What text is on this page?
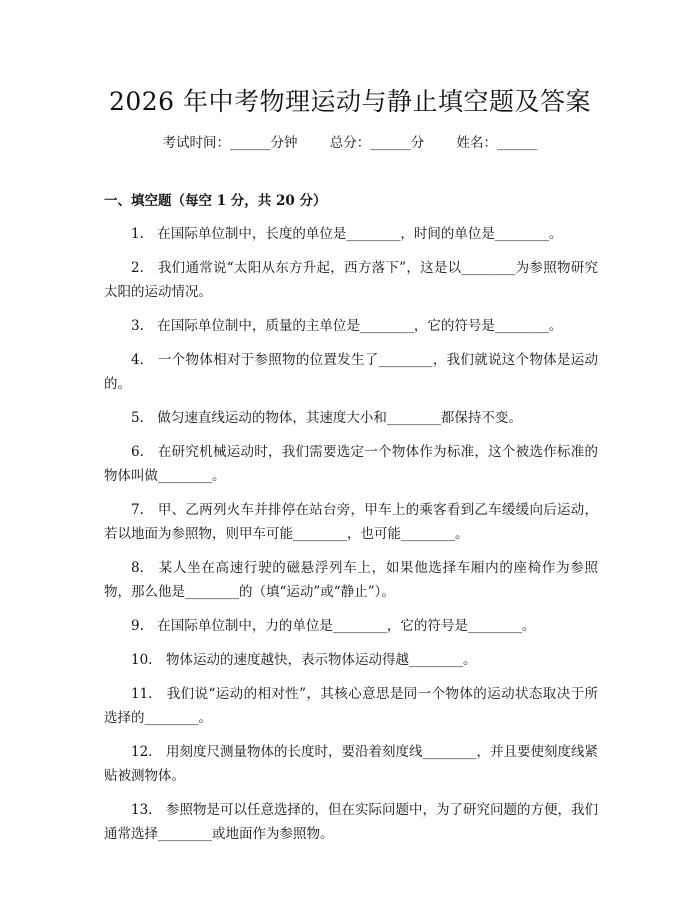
2026 年中考物理运动与静止填空题及答案
考试时间：______分钟 总分：______分 姓名：______
一、填空题（每空 1 分，共 20 分）

1.　在国际单位制中，长度的单位是________，时间的单位是________。

2.　我们通常说“太阳从东方升起，西方落下”，这是以________为参照物研究太阳的运动情况。

3.　在国际单位制中，质量的主单位是________，它的符号是________。

4.　一个物体相对于参照物的位置发生了________，我们就说这个物体是运动的。

5.　做匀速直线运动的物体，其速度大小和________都保持不变。

6.　在研究机械运动时，我们需要选定一个物体作为标准，这个被选作标准的物体叫做________。

7.　甲、乙两列火车并排停在站台旁，甲车上的乘客看到乙车缓缓向后运动，若以地面为参照物，则甲车可能________，也可能________。

8.　某人坐在高速行驶的磁悬浮列车上，如果他选择车厢内的座椅作为参照物，那么他是________的（填“运动”或“静止”）。

9.　在国际单位制中，力的单位是________，它的符号是________。

10.　物体运动的速度越快，表示物体运动得越________。

11.　我们说“运动的相对性”，其核心意思是同一个物体的运动状态取决于所选择的________。

12.　用刻度尺测量物体的长度时，要沿着刻度线________，并且要使刻度线紧贴被测物体。

13.　参照物是可以任意选择的，但在实际问题中，为了研究问题的方便，我们通常选择________或地面作为参照物。
